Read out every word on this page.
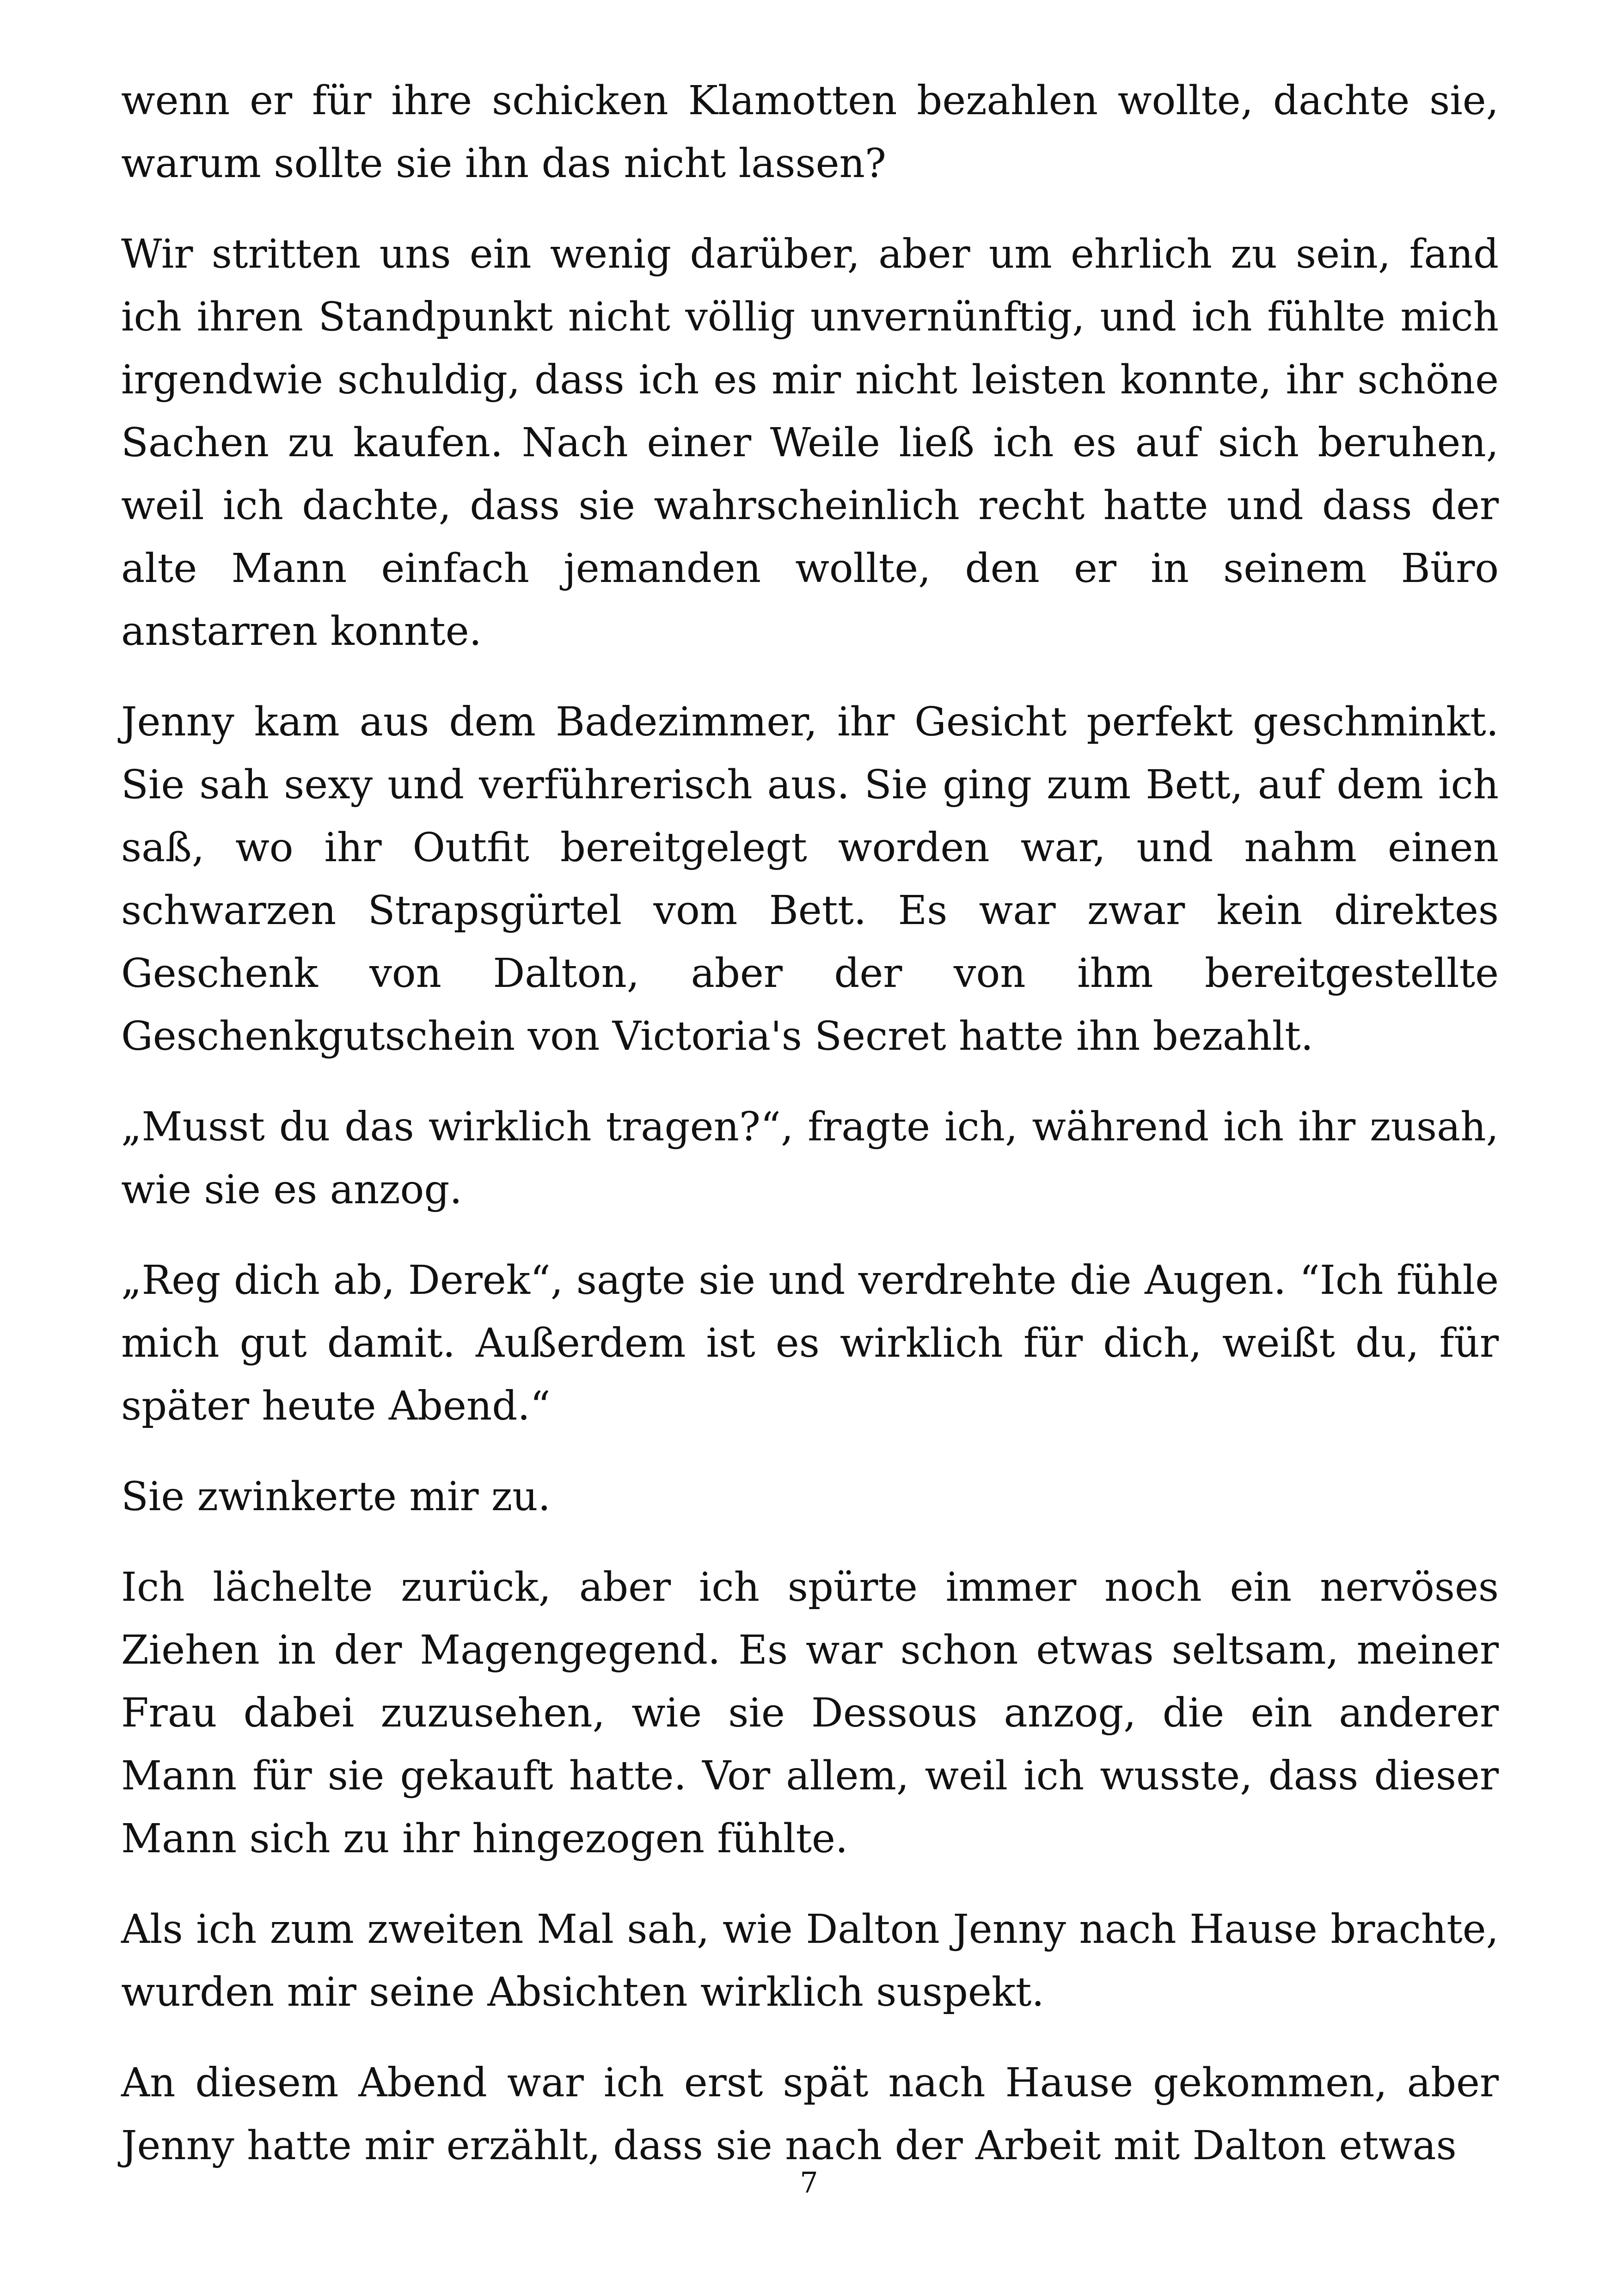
wenn er für ihre schicken Klamotten bezahlen wollte, dachte sie, warum sollte sie ihn das nicht lassen?

Wir stritten uns ein wenig darüber, aber um ehrlich zu sein, fand ich ihren Standpunkt nicht völlig unvernünftig, und ich fühlte mich irgendwie schuldig, dass ich es mir nicht leisten konnte, ihr schöne Sachen zu kaufen. Nach einer Weile ließ ich es auf sich beruhen, weil ich dachte, dass sie wahrscheinlich recht hatte und dass der alte Mann einfach jemanden wollte, den er in seinem Büro anstarren konnte.

Jenny kam aus dem Badezimmer, ihr Gesicht perfekt geschminkt. Sie sah sexy und verführerisch aus. Sie ging zum Bett, auf dem ich saß, wo ihr Outfit bereitgelegt worden war, und nahm einen schwarzen Strapsgürtel vom Bett. Es war zwar kein direktes Geschenk von Dalton, aber der von ihm bereitgestellte Geschenkgutschein von Victoria's Secret hatte ihn bezahlt.

„Musst du das wirklich tragen?“, fragte ich, während ich ihr zusah, wie sie es anzog.

„Reg dich ab, Derek“, sagte sie und verdrehte die Augen. “Ich fühle mich gut damit. Außerdem ist es wirklich für dich, weißt du, für später heute Abend.“

Sie zwinkerte mir zu.

Ich lächelte zurück, aber ich spürte immer noch ein nervöses Ziehen in der Magengegend. Es war schon etwas seltsam, meiner Frau dabei zuzusehen, wie sie Dessous anzog, die ein anderer Mann für sie gekauft hatte. Vor allem, weil ich wusste, dass dieser Mann sich zu ihr hingezogen fühlte.

Als ich zum zweiten Mal sah, wie Dalton Jenny nach Hause brachte, wurden mir seine Absichten wirklich suspekt.

An diesem Abend war ich erst spät nach Hause gekommen, aber Jenny hatte mir erzählt, dass sie nach der Arbeit mit Dalton etwas

7
